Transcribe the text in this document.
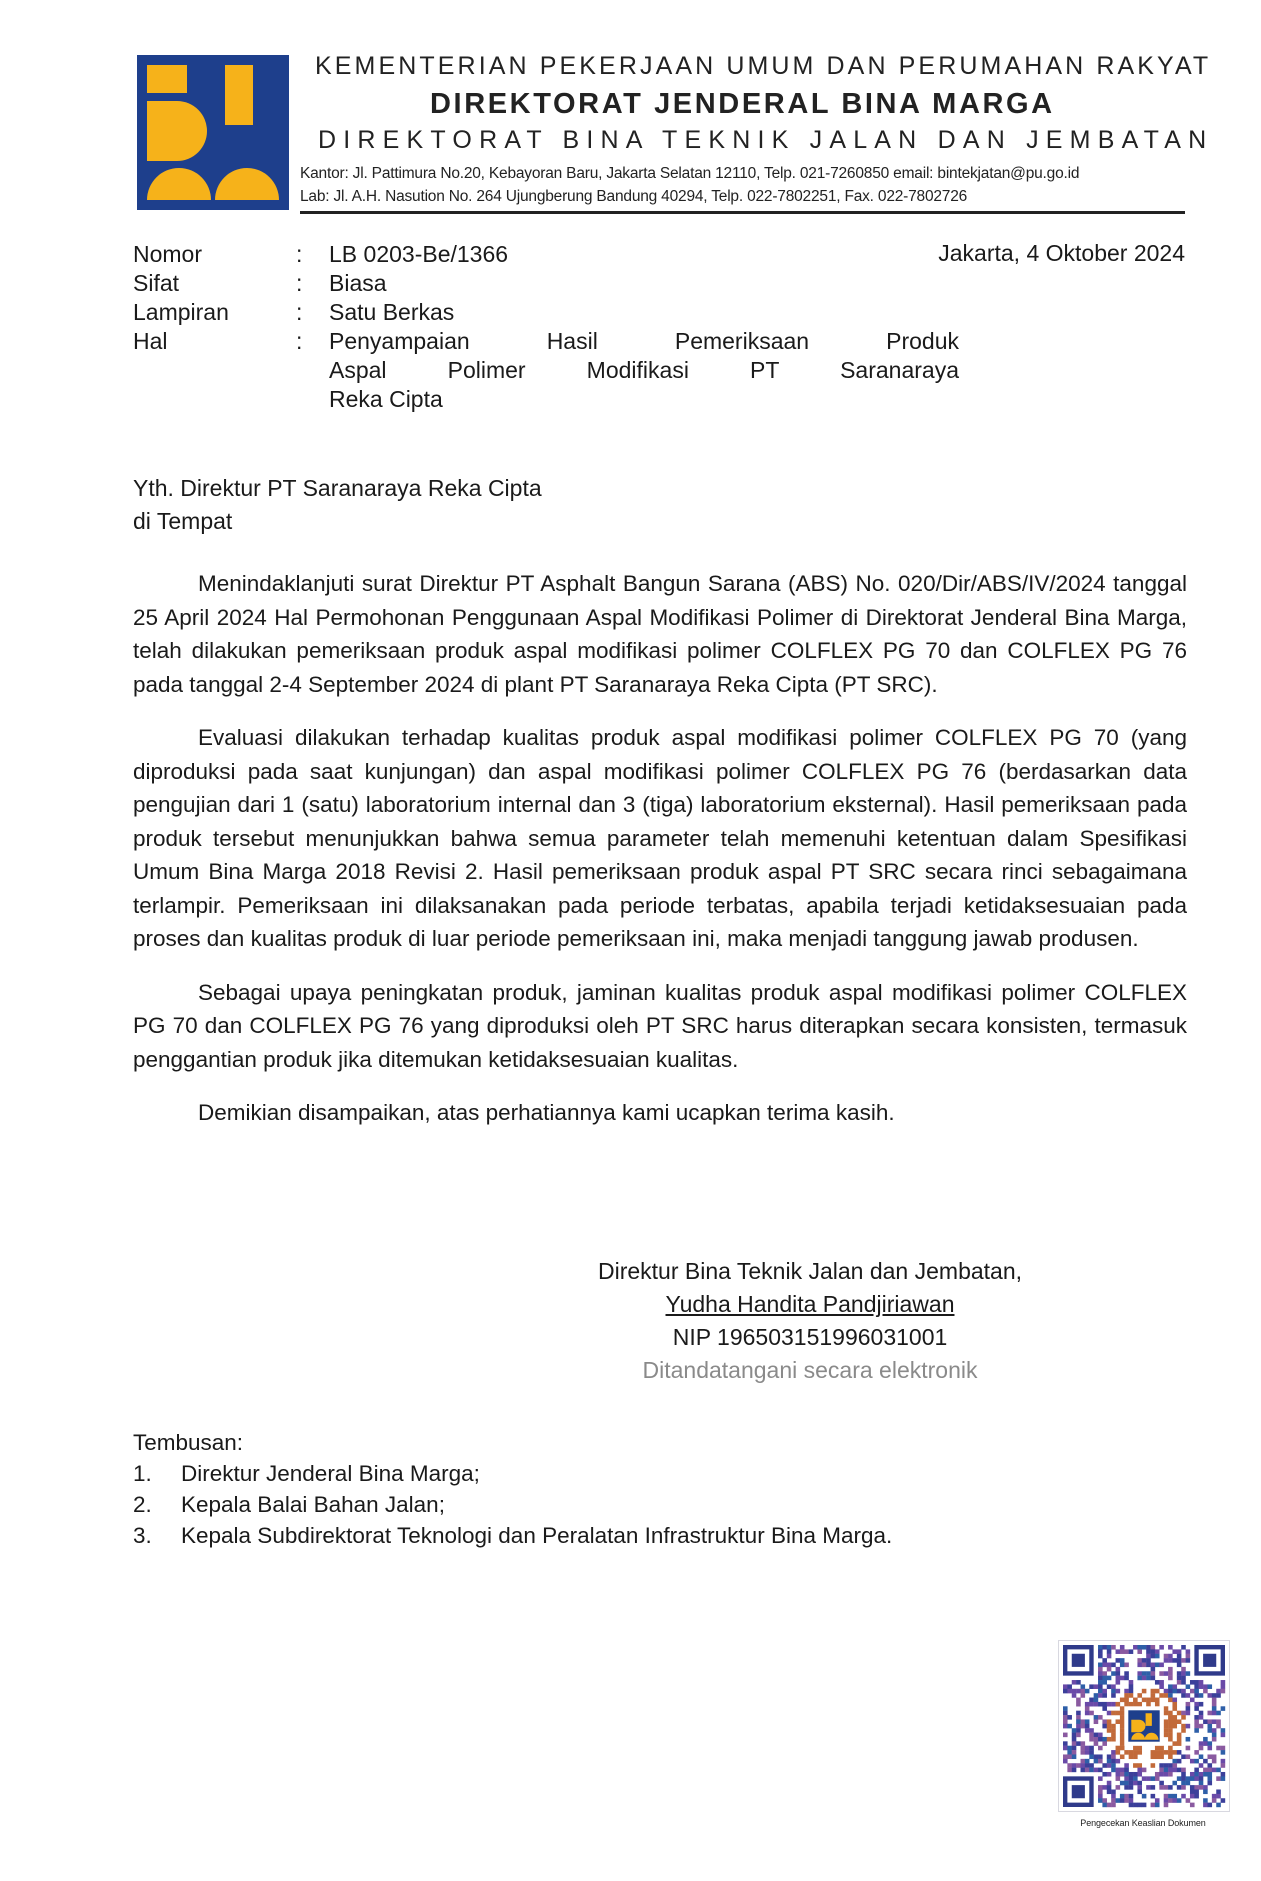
KEMENTERIAN PEKERJAAN UMUM DAN PERUMAHAN RAKYAT
DIREKTORAT JENDERAL BINA MARGA
DIREKTORAT BINA TEKNIK JALAN DAN JEMBATAN
Kantor: Jl. Pattimura No.20, Kebayoran Baru, Jakarta Selatan 12110, Telp. 021-7260850 email: bintekjatan@pu.go.id
Lab: Jl. A.H. Nasution No. 264 Ujungberung Bandung 40294, Telp. 022-7802251, Fax. 022-7802726
Jakarta, 4 Oktober 2024
Nomor	: LB 0203-Be/1366
Sifat	: Biasa
Lampiran	: Satu Berkas
Hal	: Penyampaian Hasil Pemeriksaan Produk
Aspal Polimer Modifikasi PT Saranaraya
Reka Cipta
Yth. Direktur PT Saranaraya Reka Cipta
di Tempat

Menindaklanjuti surat Direktur PT Asphalt Bangun Sarana (ABS) No. 020/Dir/ABS/IV/2024 tanggal 25 April 2024 Hal Permohonan Penggunaan Aspal Modifikasi Polimer di Direktorat Jenderal Bina Marga, telah dilakukan pemeriksaan produk aspal modifikasi polimer COLFLEX PG 70 dan COLFLEX PG 76 pada tanggal 2-4 September 2024 di plant PT Saranaraya Reka Cipta (PT SRC).

Evaluasi dilakukan terhadap kualitas produk aspal modifikasi polimer COLFLEX PG 70 (yang diproduksi pada saat kunjungan) dan aspal modifikasi polimer COLFLEX PG 76 (berdasarkan data pengujian dari 1 (satu) laboratorium internal dan 3 (tiga) laboratorium eksternal). Hasil pemeriksaan pada produk tersebut menunjukkan bahwa semua parameter telah memenuhi ketentuan dalam Spesifikasi Umum Bina Marga 2018 Revisi 2. Hasil pemeriksaan produk aspal PT SRC secara rinci sebagaimana terlampir. Pemeriksaan ini dilaksanakan pada periode terbatas, apabila terjadi ketidaksesuaian pada proses dan kualitas produk di luar periode pemeriksaan ini, maka menjadi tanggung jawab produsen.

Sebagai upaya peningkatan produk, jaminan kualitas produk aspal modifikasi polimer COLFLEX PG 70 dan COLFLEX PG 76 yang diproduksi oleh PT SRC harus diterapkan secara konsisten, termasuk penggantian produk jika ditemukan ketidaksesuaian kualitas.

Demikian disampaikan, atas perhatiannya kami ucapkan terima kasih.

Direktur Bina Teknik Jalan dan Jembatan,
Yudha Handita Pandjiriawan
NIP 196503151996031001
Ditandatangani secara elektronik
Tembusan:
1. Direktur Jenderal Bina Marga;
2. Kepala Balai Bahan Jalan;
3. Kepala Subdirektorat Teknologi dan Peralatan Infrastruktur Bina Marga.
Pengecekan Keaslian Dokumen
